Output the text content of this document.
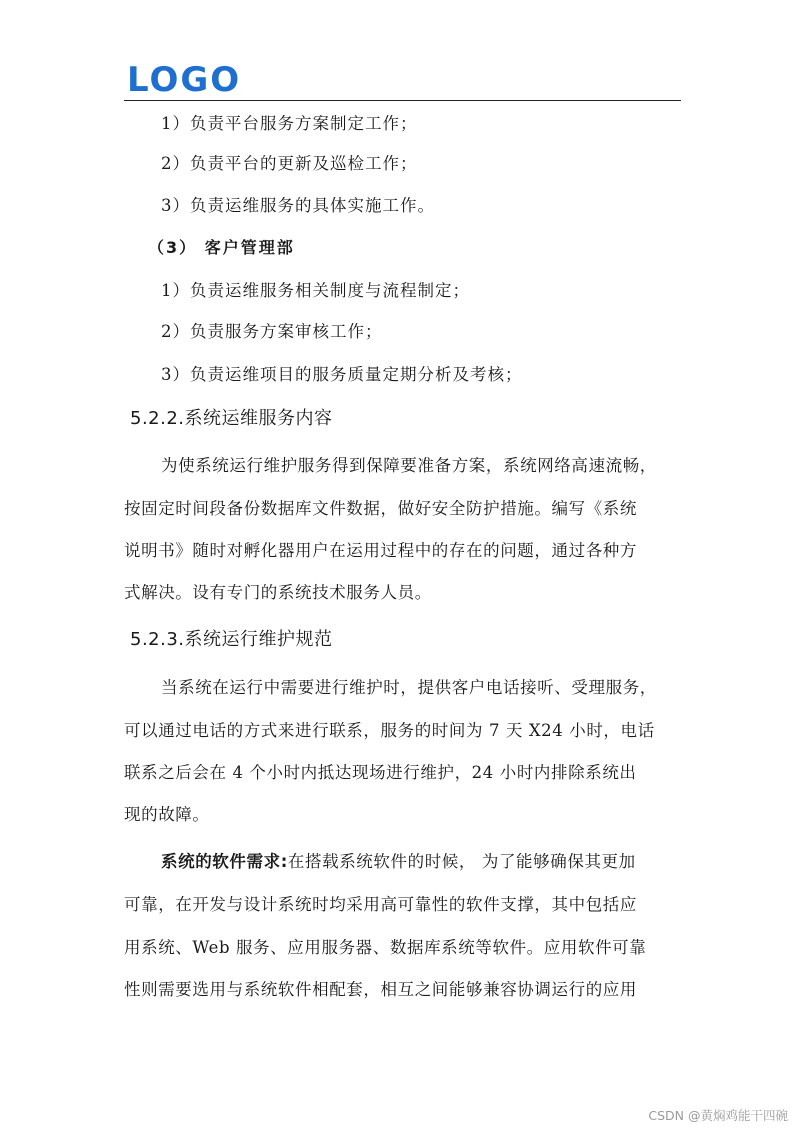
LOGO
1）负责平台服务方案制定工作；
2）负责平台的更新及巡检工作；
3）负责运维服务的具体实施工作。
（3） 客户管理部
1）负责运维服务相关制度与流程制定；
2）负责服务方案审核工作；
3）负责运维项目的服务质量定期分析及考核；
5.2.2.系统运维服务内容
为使系统运行维护服务得到保障要准备方案，系统网络高速流畅，
按固定时间段备份数据库文件数据，做好安全防护措施。编写《系统
说明书》随时对孵化器用户在运用过程中的存在的问题，通过各种方
式解决。设有专门的系统技术服务人员。
5.2.3.系统运行维护规范
当系统在运行中需要进行维护时，提供客户电话接听、受理服务，
可以通过电话的方式来进行联系，服务的时间为 7 天 X24 小时，电话
联系之后会在 4 个小时内抵达现场进行维护，24 小时内排除系统出
现的故障。
系统的软件需求:在搭载系统软件的时候， 为了能够确保其更加
可靠，在开发与设计系统时均采用高可靠性的软件支撑，其中包括应
用系统、Web 服务、应用服务器、数据库系统等软件。应用软件可靠
性则需要选用与系统软件相配套，相互之间能够兼容协调运行的应用
CSDN @黄焖鸡能干四碗
